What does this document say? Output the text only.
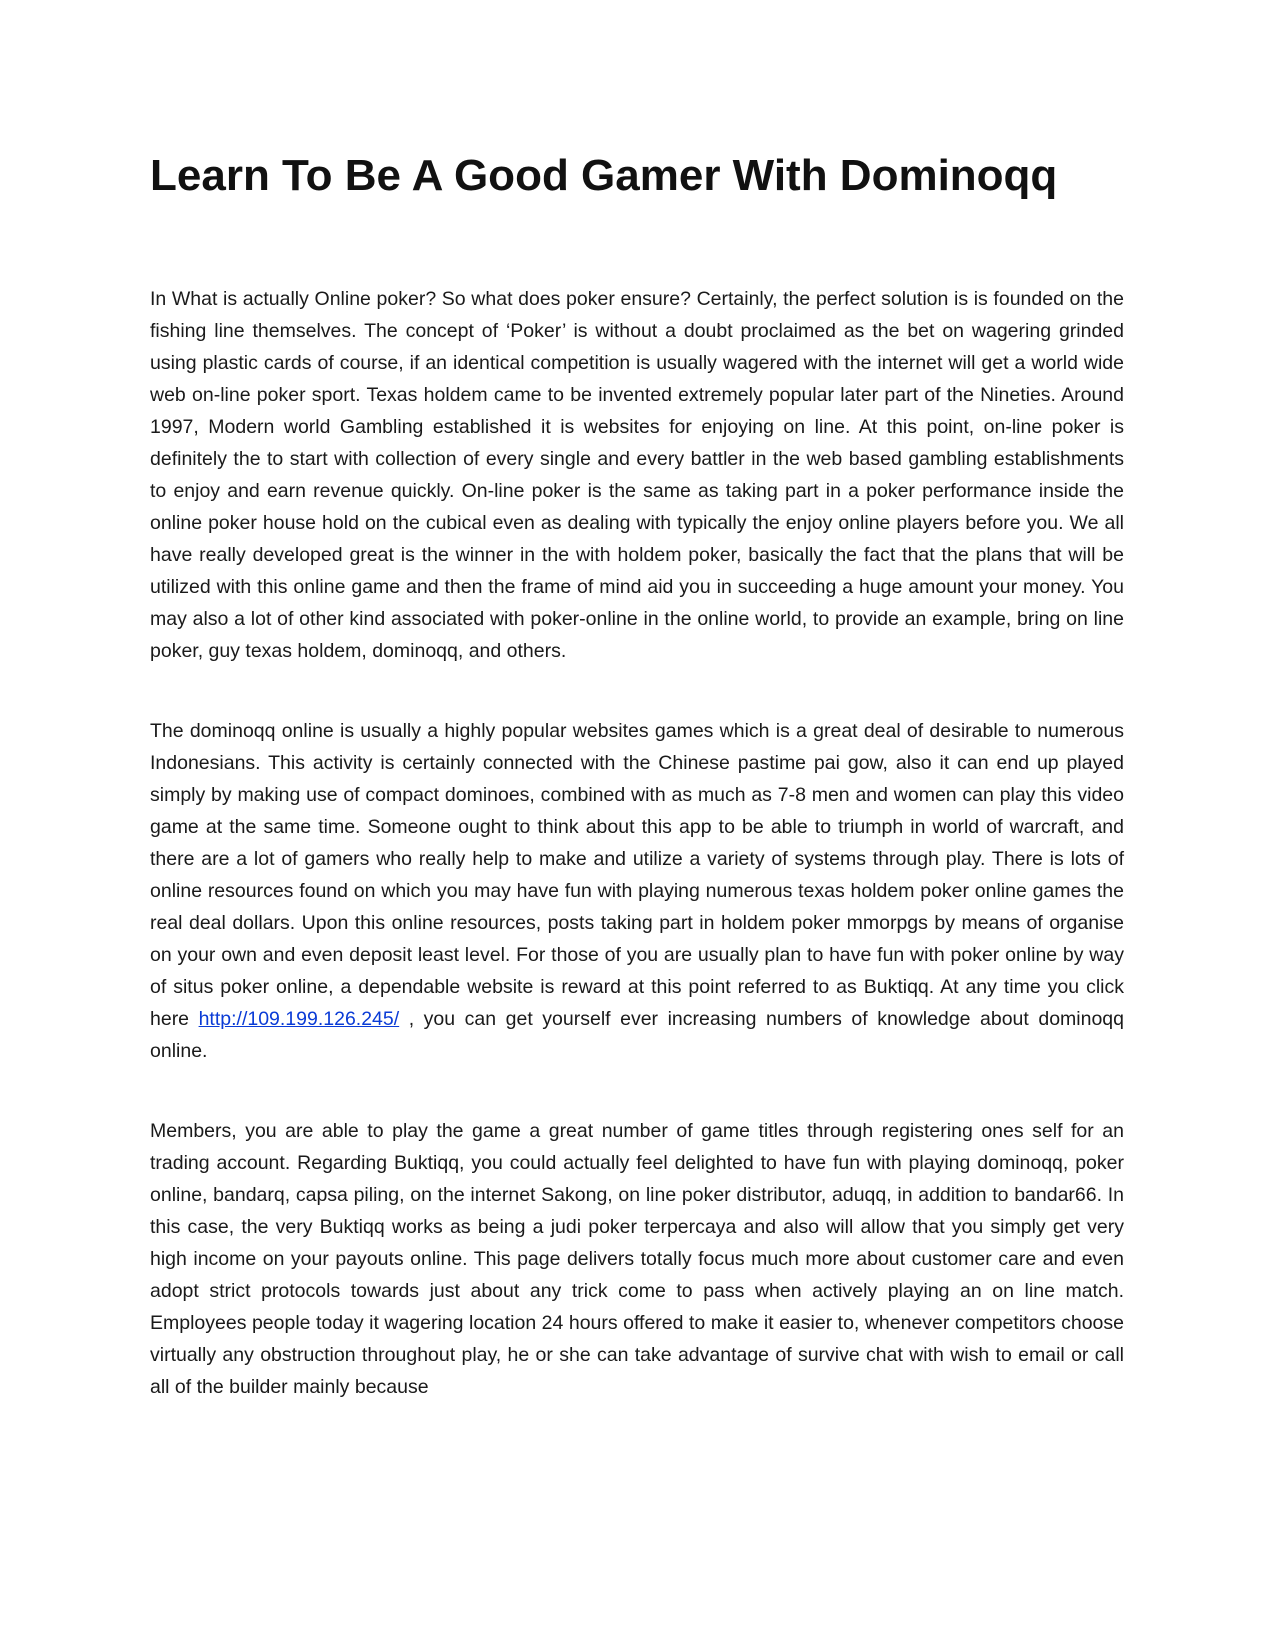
Learn To Be A Good Gamer With Dominoqq

In What is actually Online poker? So what does poker ensure? Certainly, the perfect solution is is founded on the fishing line themselves. The concept of ‘Poker’ is without a doubt proclaimed as the bet on wagering grinded using plastic cards of course, if an identical competition is usually wagered with the internet will get a world wide web on-line poker sport. Texas holdem came to be invented extremely popular later part of the Nineties. Around 1997, Modern world Gambling established it is websites for enjoying on line. At this point, on-line poker is definitely the to start with collection of every single and every battler in the web based gambling establishments to enjoy and earn revenue quickly. On-line poker is the same as taking part in a poker performance inside the online poker house hold on the cubical even as dealing with typically the enjoy online players before you. We all have really developed great is the winner in the with holdem poker, basically the fact that the plans that will be utilized with this online game and then the frame of mind aid you in succeeding a huge amount your money. You may also a lot of other kind associated with poker-online in the online world, to provide an example, bring on line poker, guy texas holdem, dominoqq, and others.

The dominoqq online is usually a highly popular websites games which is a great deal of desirable to numerous Indonesians. This activity is certainly connected with the Chinese pastime pai gow, also it can end up played simply by making use of compact dominoes, combined with as much as 7-8 men and women can play this video game at the same time. Someone ought to think about this app to be able to triumph in world of warcraft, and there are a lot of gamers who really help to make and utilize a variety of systems through play. There is lots of online resources found on which you may have fun with playing numerous texas holdem poker online games the real deal dollars. Upon this online resources, posts taking part in holdem poker mmorpgs by means of organise on your own and even deposit least level. For those of you are usually plan to have fun with poker online by way of situs poker online, a dependable website is reward at this point referred to as Buktiqq. At any time you click here http://109.199.126.245/ , you can get yourself ever increasing numbers of knowledge about dominoqq online.

Members, you are able to play the game a great number of game titles through registering ones self for an trading account. Regarding Buktiqq, you could actually feel delighted to have fun with playing dominoqq, poker online, bandarq, capsa piling, on the internet Sakong, on line poker distributor, aduqq, in addition to bandar66. In this case, the very Buktiqq works as being a judi poker terpercaya and also will allow that you simply get very high income on your payouts online. This page delivers totally focus much more about customer care and even adopt strict protocols towards just about any trick come to pass when actively playing an on line match. Employees people today it wagering location 24 hours offered to make it easier to, whenever competitors choose virtually any obstruction throughout play, he or she can take advantage of survive chat with wish to email or call all of the builder mainly because
